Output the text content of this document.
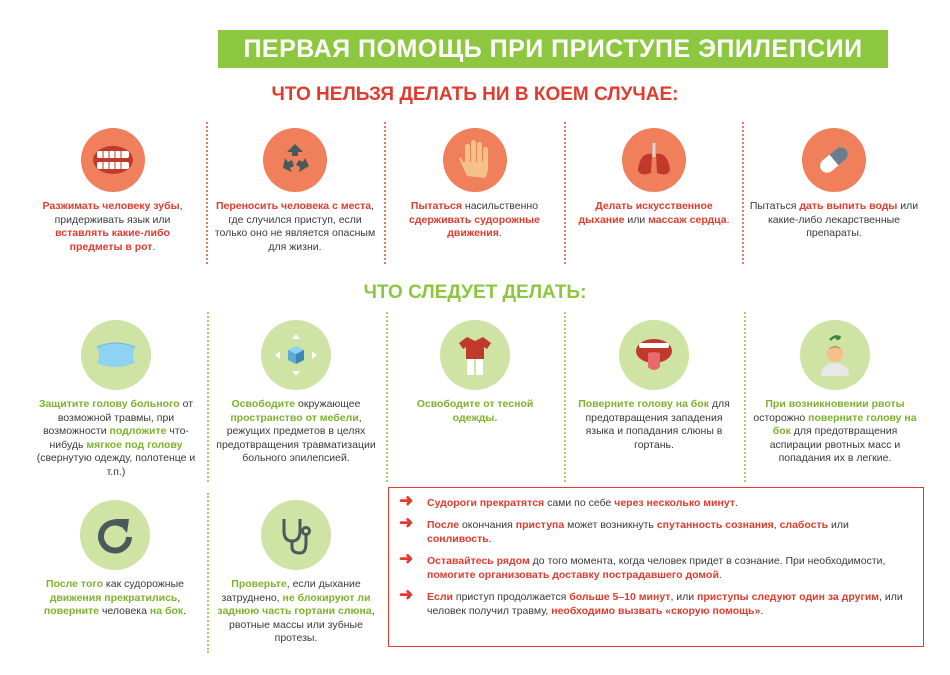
ПЕРВАЯ ПОМОЩЬ ПРИ ПРИСТУПЕ ЭПИЛЕПСИИ
ЧТО НЕЛЬЗЯ ДЕЛАТЬ НИ В КОЕМ СЛУЧАЕ:
ЧТО СЛЕДУЕТ ДЕЛАТЬ:
Разжимать человеку зубы, придерживать язык или вставлять какие-либо предметы в рот.
Переносить человека с места, где случился приступ, если только оно не является опасным для жизни.
Пытаться насильственно сдерживать судорожные движения.
Делать искусственное дыхание или массаж сердца.
Пытаться дать выпить воды или какие-либо лекарственные препараты.
Защитите голову больного от возможной травмы, при возможности подложите что-нибудь мягкое под голову (свернутую одежду, полотенце и т.п.)
Освободите окружающее пространство от мебели, режущих предметов в целях предотвращения травматизации больного эпилепсией.
Освободите от тесной одежды.
Поверните голову на бок для предотвращения западения языка и попадания слюны в гортань.
При возникновении рвоты осторожно поверните голову на бок для предотвращения аспирации рвотных масс и попадания их в легкие.
После того как судорожные движения прекратились, поверните человека на бок.
Проверьте, если дыхание затруднено, не блокируют ли заднюю часть гортани слюна, рвотные массы или зубные протезы.
➜	Судороги прекратятся сами по себе через несколько минут.
➜	После окончания приступа может возникнуть спутанность сознания, слабость или сонливость.
➜	Оставайтесь рядом до того момента, когда человек придет в сознание. При необходимости, помогите организовать доставку пострадавшего домой.
➜	Если приступ продолжается больше 5–10 минут, или приступы следуют один за другим, или человек получил травму, необходимо вызвать «скорую помощь».
